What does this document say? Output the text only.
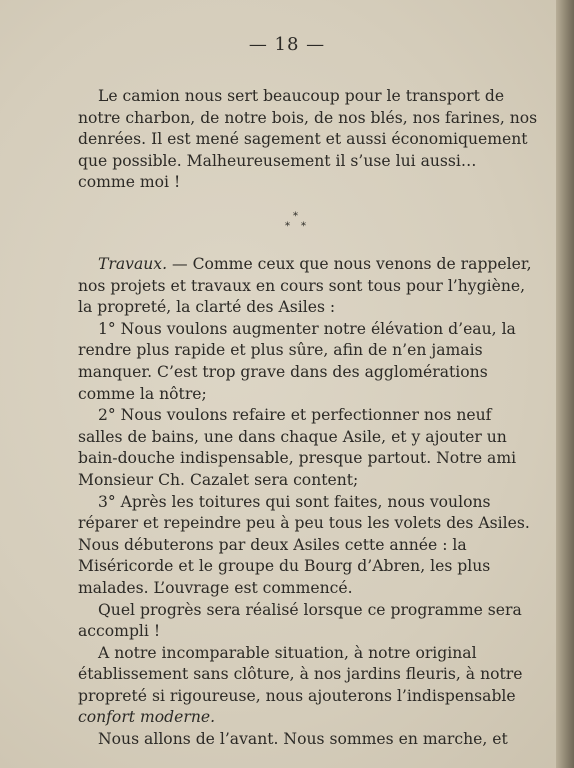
— 18 —

Le camion nous sert beaucoup pour le transport de notre charbon, de notre bois, de nos blés, nos farines, nos denrées. Il est mené sagement et aussi économiquement que possible. Malheureusement il s’use lui aussi… comme moi !

*
* *

Travaux. — Comme ceux que nous venons de rappeler, nos projets et travaux en cours sont tous pour l’hygiène, la propreté, la clarté des Asiles :

1° Nous voulons augmenter notre élévation d’eau, la rendre plus rapide et plus sûre, afin de n’en jamais manquer. C’est trop grave dans des agglomérations comme la nôtre;

2° Nous voulons refaire et perfectionner nos neuf salles de bains, une dans chaque Asile, et y ajouter un bain-douche indispensable, presque partout. Notre ami Monsieur Ch. Cazalet sera content;

3° Après les toitures qui sont faites, nous voulons réparer et repeindre peu à peu tous les volets des Asiles. Nous débuterons par deux Asiles cette année : la Miséricorde et le groupe du Bourg d’Abren, les plus malades. L’ouvrage est commencé.

Quel progrès sera réalisé lorsque ce programme sera accompli !

A notre incomparable situation, à notre original établissement sans clôture, à nos jardins fleuris, à notre propreté si rigoureuse, nous ajouterons l’indispensable confort moderne.

Nous allons de l’avant. Nous sommes en marche, et
